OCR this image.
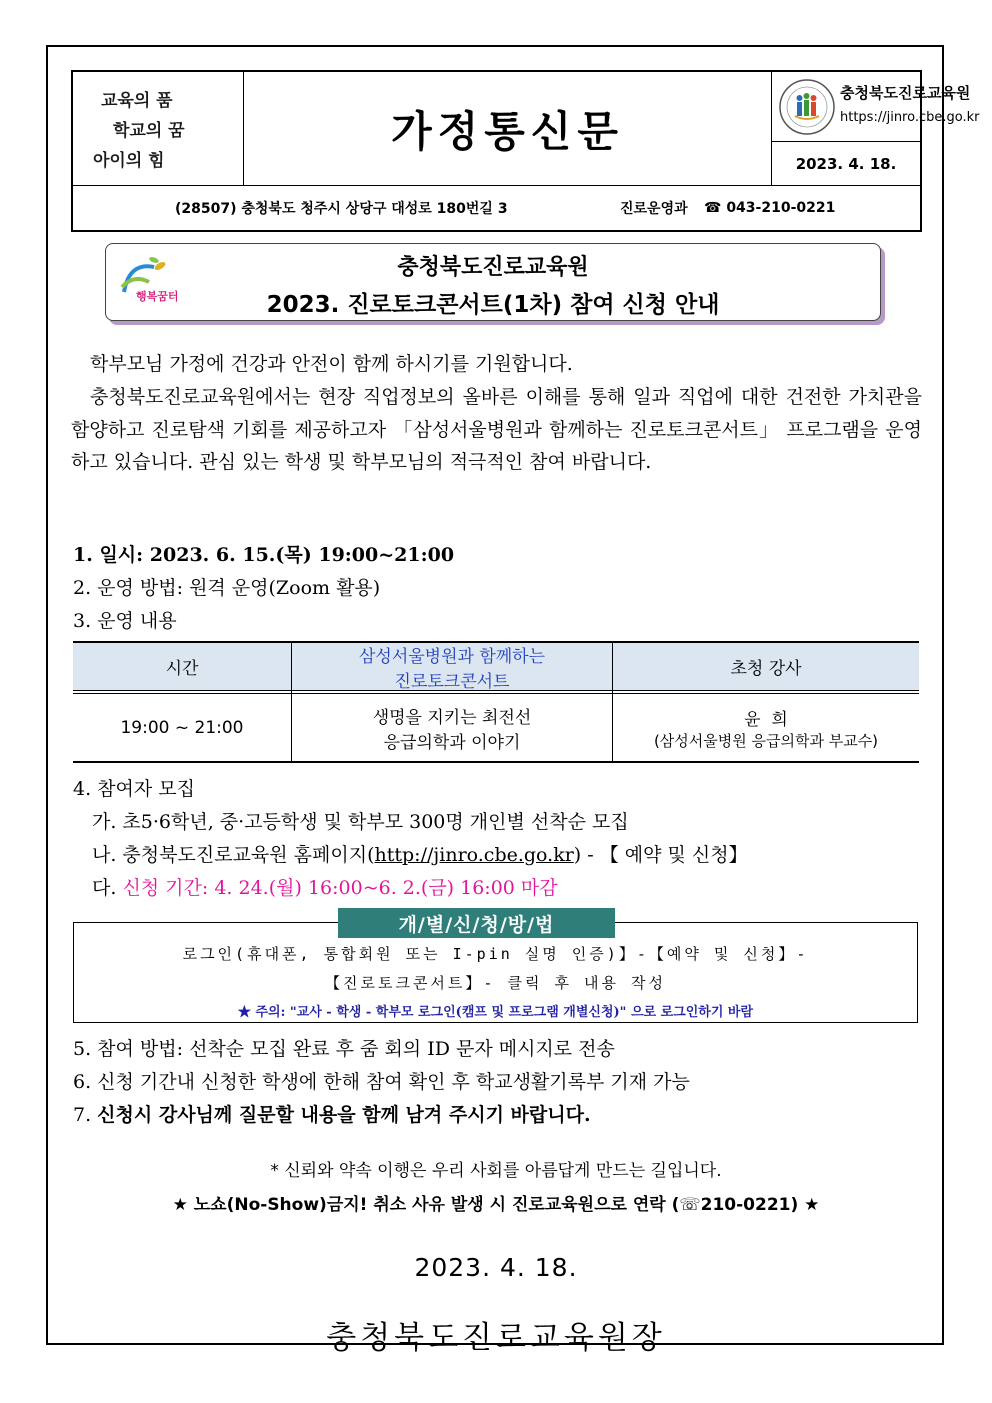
교육의 품
학교의 꿈
아이의 힘
가정통신문
충청북도진로교육원
https://jinro.cbe.go.kr
2023. 4. 18.
(28507) 충청북도 청주시 상당구 대성로 180번길 3	진로운영과 ☎ 043-210-0221
행복꿈터
충청북도진로교육원
2023. 진로토크콘서트(1차) 참여 신청 안내
학부모님 가정에 건강과 안전이 함께 하시기를 기원합니다.
충청북도진로교육원에서는 현장 직업정보의 올바른 이해를 통해 일과 직업에 대한 건전한 가치관을 함양하고 진로탐색 기회를 제공하고자 「삼성서울병원과 함께하는 진로토크콘서트」 프로그램을 운영하고 있습니다. 관심 있는 학생 및 학부모님의 적극적인 참여 바랍니다.
1. 일시: 2023. 6. 15.(목) 19:00~21:00
2. 운영 방법: 원격 운영(Zoom 활용)
3. 운영 내용
시간
삼성서울병원과 함께하는
진로토크콘서트
초청 강사
19:00 ~ 21:00	생명을 지키는 최전선
응급의학과 이야기
윤  희
(삼성서울병원 응급의학과 부교수)
4. 참여자 모집
가. 초5·6학년, 중·고등학생 및 학부모 300명 개인별 선착순 모집
나. 충청북도진로교육원 홈페이지(http://jinro.cbe.go.kr) - 【 예약 및 신청】
다. 신청 기간: 4. 24.(월) 16:00~6. 2.(금) 16:00 마감
로그인(휴대폰, 통합회원 또는 I-pin 실명 인증)】-【예약 및 신청】-
【진로토크콘서트】- 클릭 후 내용 작성
★ 주의: "교사 - 학생 - 학부모 로그인(캠프 및 프로그램 개별신청)" 으로 로그인하기 바람
개/별/신/청/방/법
5. 참여 방법: 선착순 모집 완료 후 줌 회의 ID 문자 메시지로 전송
6. 신청 기간내 신청한 학생에 한해 참여 확인 후 학교생활기록부 기재 가능
7. 신청시 강사님께 질문할 내용을 함께 남겨 주시기 바랍니다.
* 신뢰와 약속 이행은 우리 사회를 아름답게 만드는 길입니다.
★ 노쇼(No-Show)금지! 취소 사유 발생 시 진로교육원으로 연락 (☏210-0221) ★
2023. 4. 18.
충청북도진로교육원장
